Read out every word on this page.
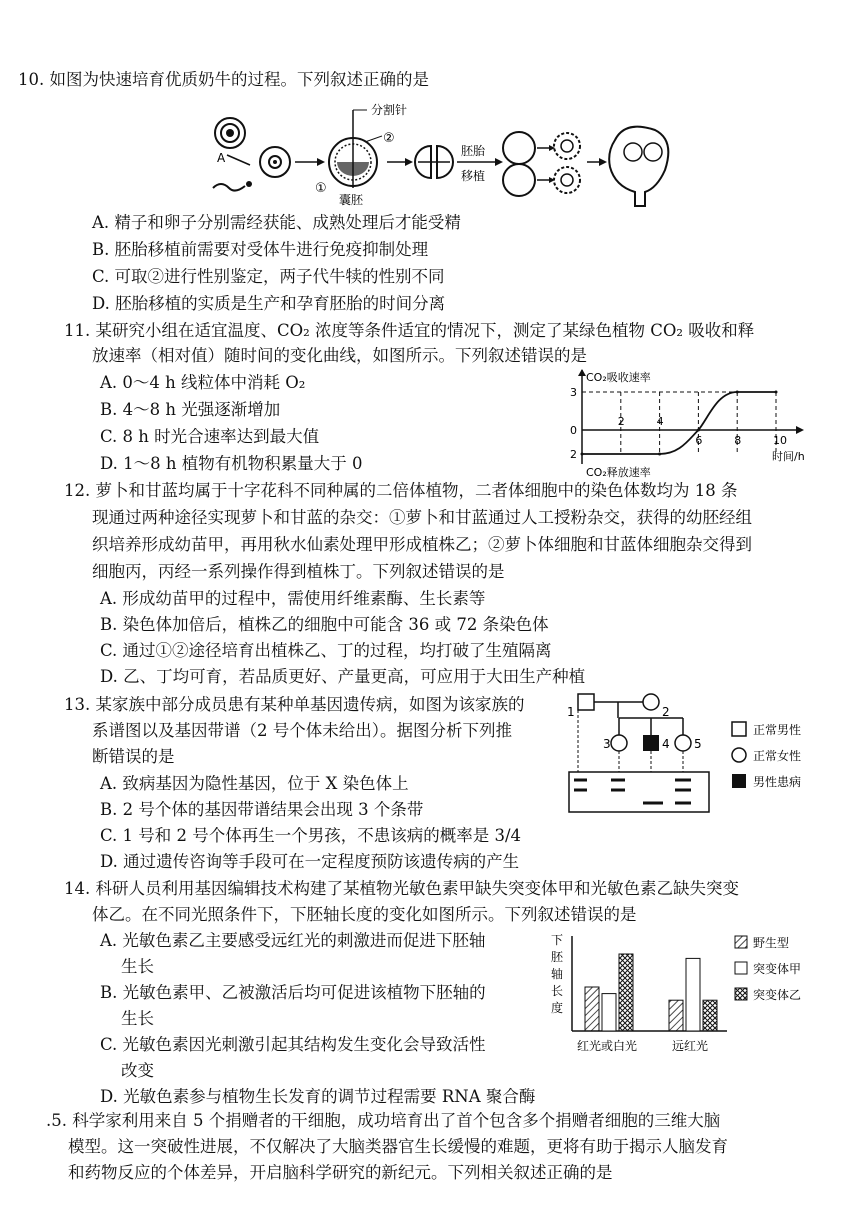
10. 如图为快速培育优质奶牛的过程。下列叙述正确的是
A
分割针
②
①
囊胚
胚胎
移植
A. 精子和卵子分别需经获能、成熟处理后才能受精
B. 胚胎移植前需要对受体牛进行免疫抑制处理
C. 可取②进行性别鉴定，两子代牛犊的性别不同
D. 胚胎移植的实质是生产和孕育胚胎的时间分离
11. 某研究小组在适宜温度、CO₂ 浓度等条件适宜的情况下，测定了某绿色植物 CO₂ 吸收和释
放速率（相对值）随时间的变化曲线，如图所示。下列叙述错误的是
A. 0～4 h 线粒体中消耗 O₂
B. 4～8 h 光强逐渐增加
C. 8 h 时光合速率达到最大值
D. 1～8 h 植物有机物积累量大于 0
CO₂吸收速率
CO₂释放速率
时间/h
3
0
2
2	4
6	8	10
12. 萝卜和甘蓝均属于十字花科不同种属的二倍体植物，二者体细胞中的染色体数均为 18 条
现通过两种途径实现萝卜和甘蓝的杂交：①萝卜和甘蓝通过人工授粉杂交，获得的幼胚经组
织培养形成幼苗甲，再用秋水仙素处理甲形成植株乙；②萝卜体细胞和甘蓝体细胞杂交得到
细胞丙，丙经一系列操作得到植株丁。下列叙述错误的是
A. 形成幼苗甲的过程中，需使用纤维素酶、生长素等
B. 染色体加倍后，植株乙的细胞中可能含 36 或 72 条染色体
C. 通过①②途径培育出植株乙、丁的过程，均打破了生殖隔离
D. 乙、丁均可育，若品质更好、产量更高，可应用于大田生产种植
13. 某家族中部分成员患有某种单基因遗传病，如图为该家族的
系谱图以及基因带谱（2 号个体未给出）。据图分析下列推
断错误的是
A. 致病基因为隐性基因，位于 X 染色体上
B. 2 号个体的基因带谱结果会出现 3 个条带
C. 1 号和 2 号个体再生一个男孩，不患该病的概率是 3/4
D. 通过遗传咨询等手段可在一定程度预防该遗传病的产生
1	2
3	4 5
正常男性
正常女性
男性患病
14. 科研人员利用基因编辑技术构建了某植物光敏色素甲缺失突变体甲和光敏色素乙缺失突变
体乙。在不同光照条件下，下胚轴长度的变化如图所示。下列叙述错误的是
A. 光敏色素乙主要感受远红光的刺激进而促进下胚轴
生长
B. 光敏色素甲、乙被激活后均可促进该植物下胚轴的
生长
C. 光敏色素因光刺激引起其结构发生变化会导致活性
改变
D. 光敏色素参与植物生长发育的调节过程需要 RNA 聚合酶
下
胚
轴
长
度
红光或白光	远红光
野生型
突变体甲
突变体乙
.5. 科学家利用来自 5 个捐赠者的干细胞，成功培育出了首个包含多个捐赠者细胞的三维大脑
模型。这一突破性进展，不仅解决了大脑类器官生长缓慢的难题，更将有助于揭示人脑发育
和药物反应的个体差异，开启脑科学研究的新纪元。下列相关叙述正确的是
